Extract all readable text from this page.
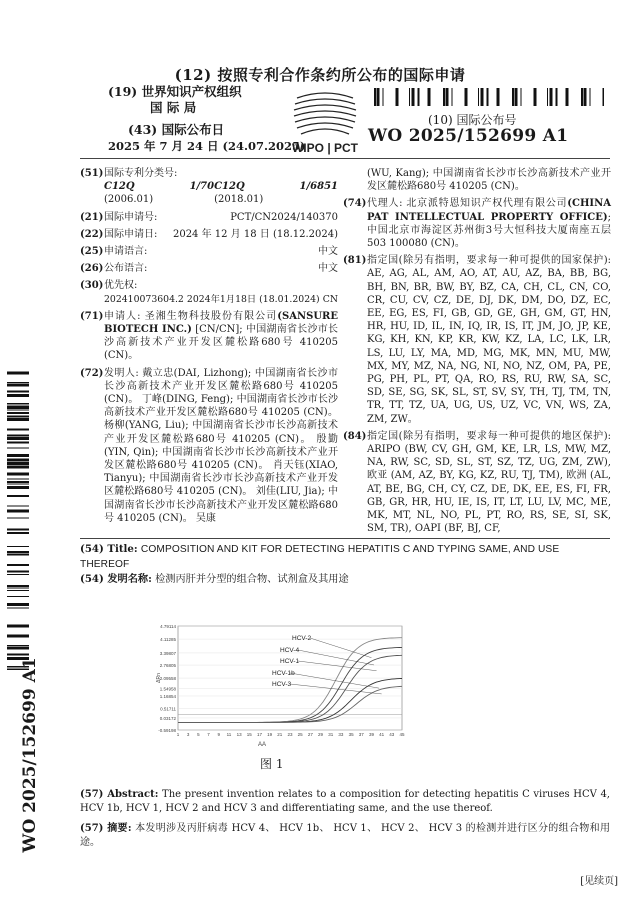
(12) 按照专利合作条约所公布的国际申请
(19) 世界知识产权组织
国 际 局
(43) 国际公布日
2025 年 7 月 24 日 (24.07.2025)
WIPO | PCT
(10) 国际公布号
WO 2025/152699 A1
(51) 国际专利分类号:
C12Q 1/70 (2006.01)
C12Q 1/6851 (2018.01)
(21) 国际申请号:	PCT/CN2024/140370
(22) 国际申请日: 2024 年 12 月 18 日 (18.12.2024)
(25) 申请语言:	中文
(26) 公布语言:	中文
(30) 优先权:
202410073604.2 2024年1月18日 (18.01.2024) CN
(71) 申请人: 圣湘生物科技股份有限公司(SANSURE BIOTECH INC.) [CN/CN]; 中国湖南省长沙市长沙高新技术产业开发区麓松路680号 410205 (CN)。
(72) 发明人: 戴立忠(DAI, Lizhong); 中国湖南省长沙市长沙高新技术产业开发区麓松路680号 410205 (CN)。 丁峰(DING, Feng); 中国湖南省长沙市长沙高新技术产业开发区麓松路680号 410205 (CN)。 杨柳(YANG, Liu); 中国湖南省长沙市长沙高新技术产业开发区麓松路680号 410205 (CN)。 殷勤(YIN, Qin); 中国湖南省长沙市长沙高新技术产业开发区麓松路680号 410205 (CN)。 肖天钰(XIAO, Tianyu); 中国湖南省长沙市长沙高新技术产业开发区麓松路680号 410205 (CN)。 刘佳(LIU, Jia); 中国湖南省长沙市长沙高新技术产业开发区麓松路680号 410205 (CN)。 吴康
(WU, Kang); 中国湖南省长沙市长沙高新技术产业开发区麓松路680号 410205 (CN)。
(74) 代理人: 北京派特恩知识产权代理有限公司(CHINA PAT INTELLECTUAL PROPERTY OFFICE); 中国北京市海淀区苏州街3号大恒科技大厦南座五层503 100080 (CN)。
(81) 指定国(除另有指明，要求每一种可提供的国家保护): AE, AG, AL, AM, AO, AT, AU, AZ, BA, BB, BG, BH, BN, BR, BW, BY, BZ, CA, CH, CL, CN, CO, CR, CU, CV, CZ, DE, DJ, DK, DM, DO, DZ, EC, EE, EG, ES, FI, GB, GD, GE, GH, GM, GT, HN, HR, HU, ID, IL, IN, IQ, IR, IS, IT, JM, JO, JP, KE, KG, KH, KN, KP, KR, KW, KZ, LA, LC, LK, LR, LS, LU, LY, MA, MD, MG, MK, MN, MU, MW, MX, MY, MZ, NA, NG, NI, NO, NZ, OM, PA, PE, PG, PH, PL, PT, QA, RO, RS, RU, RW, SA, SC, SD, SE, SG, SK, SL, ST, SV, SY, TH, TJ, TM, TN, TR, TT, TZ, UA, UG, US, UZ, VC, VN, WS, ZA, ZM, ZW。
(84) 指定国(除另有指明，要求每一种可提供的地区保护): ARIPO (BW, CV, GH, GM, KE, LR, LS, MW, MZ, NA, RW, SC, SD, SL, ST, SZ, TZ, UG, ZM, ZW), 欧亚 (AM, AZ, BY, KG, KZ, RU, TJ, TM), 欧洲 (AL, AT, BE, BG, CH, CY, CZ, DE, DK, EE, ES, FI, FR, GB, GR, HR, HU, IE, IS, IT, LT, LU, LV, MC, ME, MK, MT, NL, NO, PL, PT, RO, RS, SE, SI, SK, SM, TR), OAPI (BF, BJ, CF,
(54) Title: COMPOSITION AND KIT FOR DETECTING HEPATITIS C AND TYPING SAME, AND USE THEREOF
(54) 发明名称: 检测丙肝并分型的组合物、试剂盒及其用途
4.79114
4.11285
3.39807
2.76805
2.09558
1.54958
1.16854
0.51711
0.03172
-0.59198
1 3 5 7 9 11 13 15 17 19 21 23 25 27 29 31 33 35 37 39 41 43 45
ΔRn
AA
HCV-2
HCV-4
HCV-1
HCV-1b
HCV-3
图 1
(57) Abstract: The present invention relates to a composition for detecting hepatitis C viruses HCV 4, HCV 1b, HCV 1, HCV 2 and HCV 3 and differentiating same, and the use thereof.
(57) 摘要: 本发明涉及丙肝病毒 HCV 4、 HCV 1b、 HCV 1、 HCV 2、 HCV 3 的检测并进行区分的组合物和用途。
[见续页]
WO 2025/152699 A1
